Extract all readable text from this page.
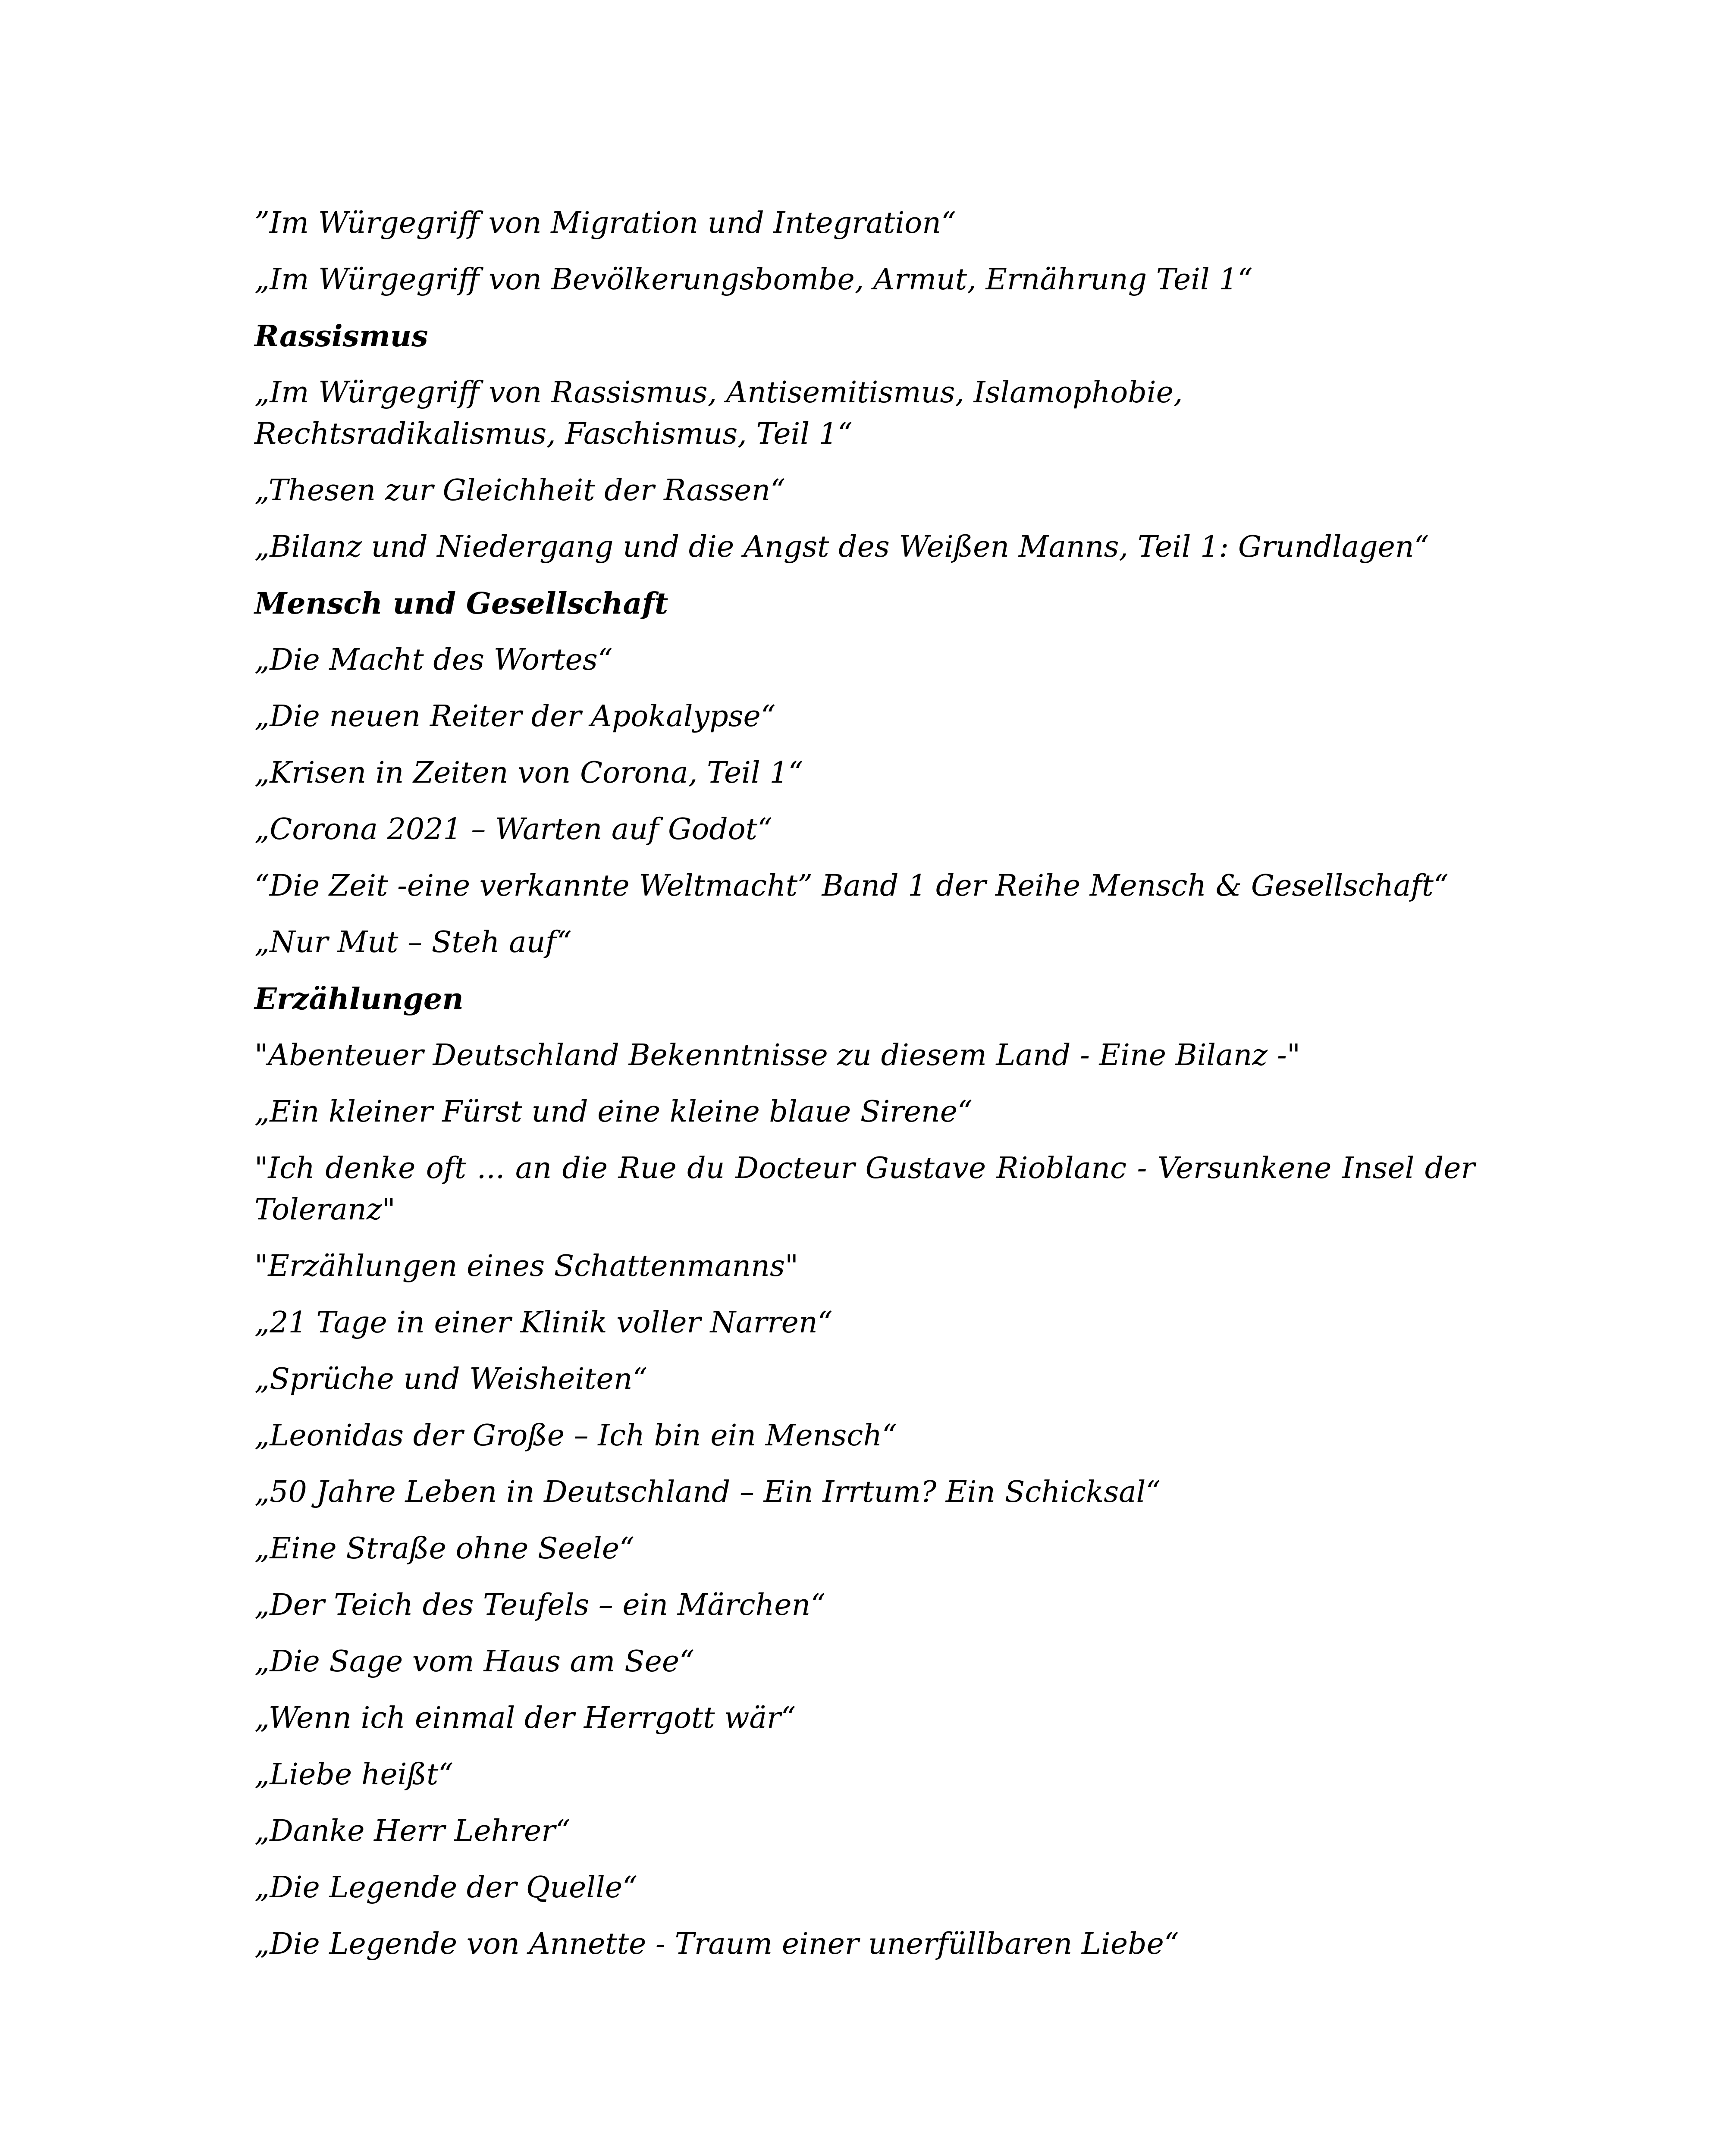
”Im Würgegriff von Migration und Integration“

„Im Würgegriff von Bevölkerungsbombe, Armut, Ernährung Teil 1“

Rassismus

„Im Würgegriff von Rassismus, Antisemitismus, Islamophobie, Rechtsradikalismus, Faschismus, Teil 1“

„Thesen zur Gleichheit der Rassen“

„Bilanz und Niedergang und die Angst des Weißen Manns, Teil 1: Grundlagen“

Mensch und Gesellschaft

„Die Macht des Wortes“

„Die neuen Reiter der Apokalypse“

„Krisen in Zeiten von Corona, Teil 1“

„Corona 2021 – Warten auf Godot“

“Die Zeit -eine verkannte Weltmacht” Band 1 der Reihe Mensch & Gesellschaft“

„Nur Mut – Steh auf“

Erzählungen

"Abenteuer Deutschland Bekenntnisse zu diesem Land - Eine Bilanz -"

„Ein kleiner Fürst und eine kleine blaue Sirene“

"Ich denke oft ... an die Rue du Docteur Gustave Rioblanc - Versunkene Insel der Toleranz"

"Erzählungen eines Schattenmanns"

„21 Tage in einer Klinik voller Narren“

„Sprüche und Weisheiten“

„Leonidas der Große – Ich bin ein Mensch“

„50 Jahre Leben in Deutschland – Ein Irrtum? Ein Schicksal“

„Eine Straße ohne Seele“

„Der Teich des Teufels – ein Märchen“

„Die Sage vom Haus am See“

„Wenn ich einmal der Herrgott wär“

„Liebe heißt“

„Danke Herr Lehrer“

„Die Legende der Quelle“

„Die Legende von Annette - Traum einer unerfüllbaren Liebe“
